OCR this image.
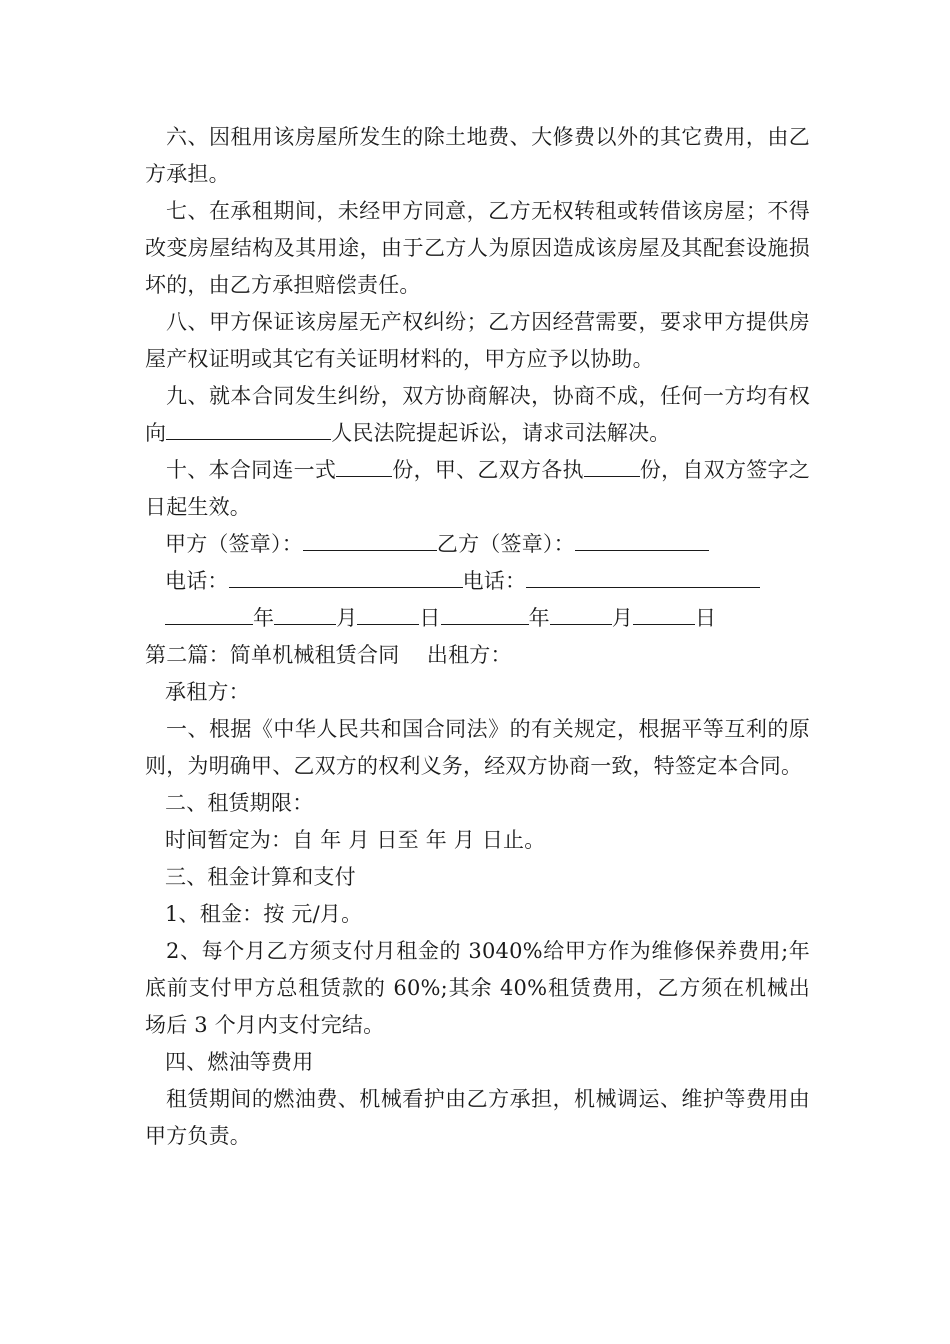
六、因租用该房屋所发生的除土地费、大修费以外的其它费用，由乙方承担。

七、在承租期间，未经甲方同意，乙方无权转租或转借该房屋；不得改变房屋结构及其用途，由于乙方人为原因造成该房屋及其配套设施损坏的，由乙方承担赔偿责任。

八、甲方保证该房屋无产权纠纷；乙方因经营需要，要求甲方提供房屋产权证明或其它有关证明材料的，甲方应予以协助。

九、就本合同发生纠纷，双方协商解决，协商不成，任何一方均有权向	人民法院提起诉讼，请求司法解决。

十、本合同连一式	份，甲、乙双方各执	份，自双方签字之日起生效。

甲方（签章）：	乙方（签章）：

电话：	电话：

年	月	日	年	月	日

第二篇：简单机械租赁合同    出租方：

承租方：

一、根据《中华人民共和国合同法》的有关规定，根据平等互利的原则，为明确甲、乙双方的权利义务，经双方协商一致，特签定本合同。

二、租赁期限：

时间暂定为：自 年 月 日至 年 月 日止。

三、租金计算和支付

1、租金：按 元/月。

2、每个月乙方须支付月租金的 3040%给甲方作为维修保养费用;年底前支付甲方总租赁款的 60%;其余 40%租赁费用，乙方须在机械出场后 3 个月内支付完结。

四、燃油等费用

租赁期间的燃油费、机械看护由乙方承担，机械调运、维护等费用由甲方负责。
